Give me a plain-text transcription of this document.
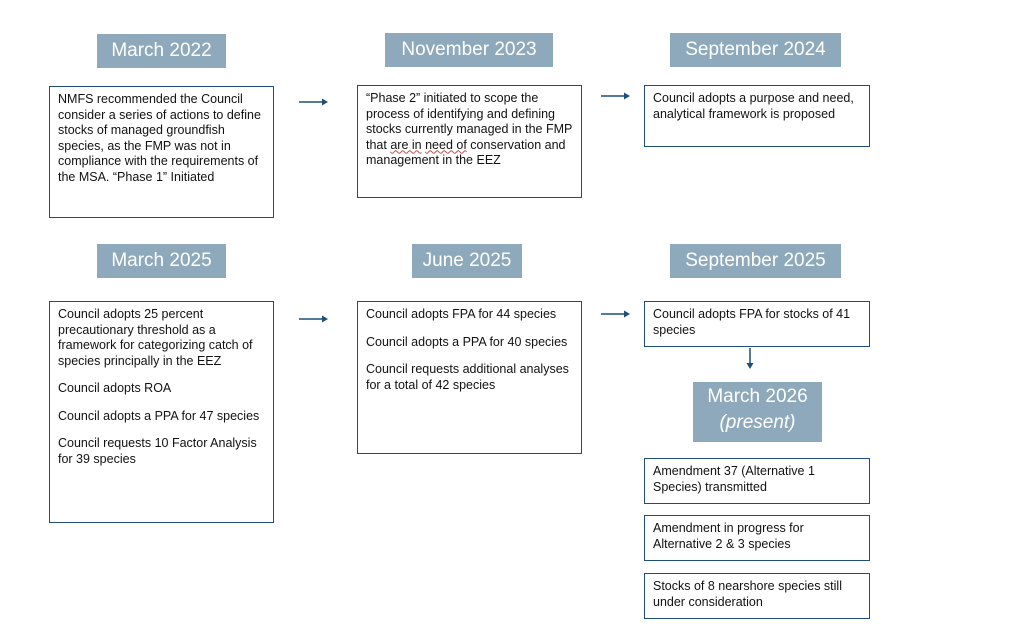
March 2022
NMFS recommended the Council consider a series of actions to define stocks of managed groundfish species, as the FMP was not in compliance with the requirements of the MSA. “Phase 1” Initiated
November 2023
“Phase 2” initiated to scope the process of identifying and defining stocks currently managed in the FMP that are in need of conservation and management in the EEZ
September 2024
Council adopts a purpose and need, analytical framework is proposed
March 2025

Council adopts 25 percent precautionary threshold as a framework for categorizing catch of species principally in the EEZ

Council adopts ROA

Council adopts a PPA for 47 species

Council requests 10 Factor Analysis for 39 species

June 2025

Council adopts FPA for 44 species

Council adopts a PPA for 40 species

Council requests additional analyses for a total of 42 species

September 2025
Council adopts FPA for stocks of 41 species
March 2026
(present)
Amendment 37 (Alternative 1 Species) transmitted
Amendment in progress for Alternative 2 & 3 species
Stocks of 8 nearshore species still under consideration
